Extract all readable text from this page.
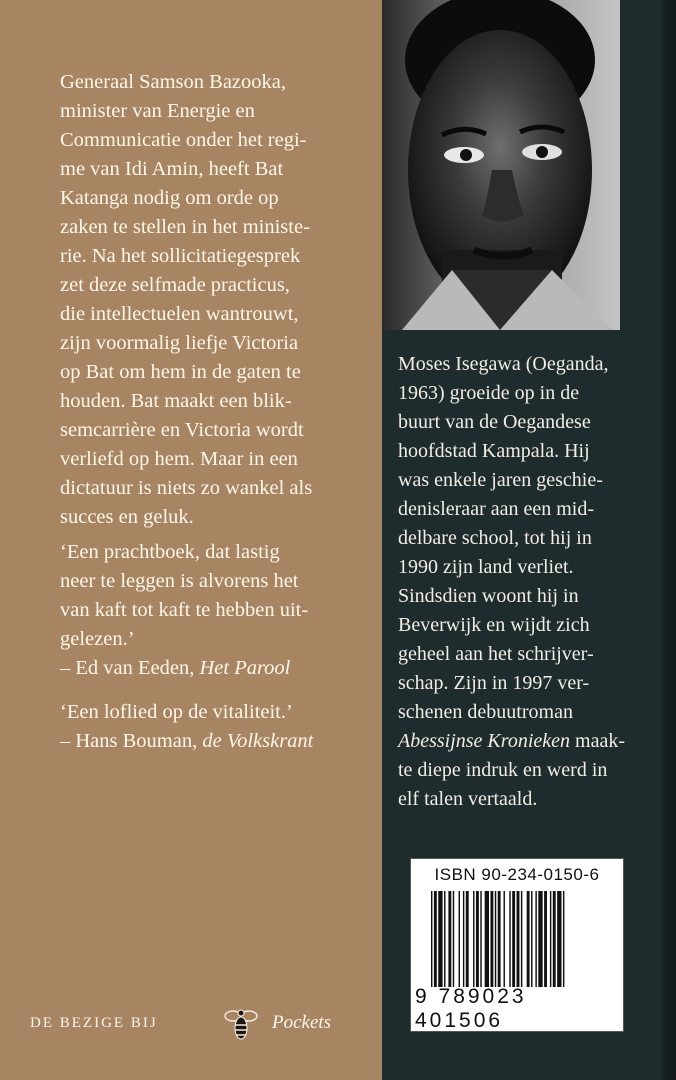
Generaal Samson Bazooka,
minister van Energie en
Communicatie onder het regi-
me van Idi Amin, heeft Bat
Katanga nodig om orde op
zaken te stellen in het ministe-
rie. Na het sollicitatiegesprek
zet deze selfmade practicus,
die intellectuelen wantrouwt,
zijn voormalig liefje Victoria
op Bat om hem in de gaten te
houden. Bat maakt een blik-
semcarrière en Victoria wordt
verliefd op hem. Maar in een
dictatuur is niets zo wankel als
succes en geluk.
‘Een prachtboek, dat lastig
neer te leggen is alvorens het
van kaft tot kaft te hebben uit-
gelezen.’
– Ed van Eeden, Het Parool
‘Een loflied op de vitaliteit.’
– Hans Bouman, de Volkskrant
Moses Isegawa (Oeganda,
1963) groeide op in de
buurt van de Oegandese
hoofdstad Kampala. Hij
was enkele jaren geschie-
denisleraar aan een mid-
delbare school, tot hij in
1990 zijn land verliet.
Sindsdien woont hij in
Beverwijk en wijdt zich
geheel aan het schrijver-
schap. Zijn in 1997 ver-
schenen debuutroman
Abessijnse Kronieken maak-
te diepe indruk en werd in
elf talen vertaald.
ISBN 90-234-0150-6
9 789023 401506
DE BEZIGE BIJ	Pockets
